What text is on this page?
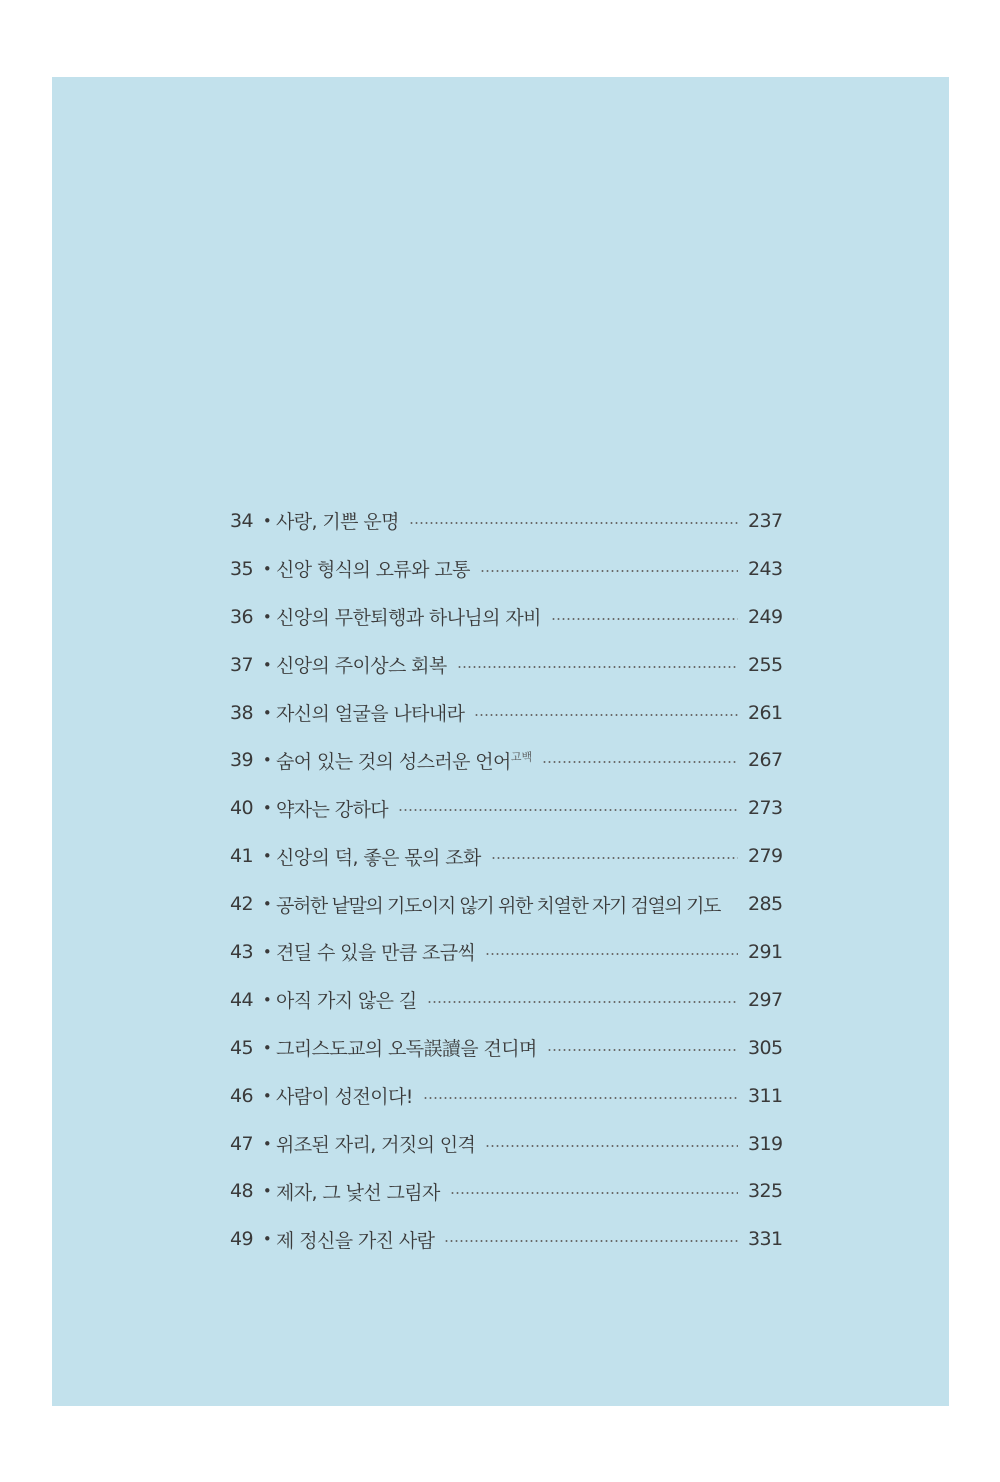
34 • 사랑, 기쁜 운명	237
35 • 신앙 형식의 오류와 고통	243
36 • 신앙의 무한퇴행과 하나님의 자비	249
37 • 신앙의 주이상스 회복	255
38 • 자신의 얼굴을 나타내라	261
39 • 숨어 있는 것의 성스러운 언어$^{고백}$	267
40 • 약자는 강하다	273
41 • 신앙의 덕, 좋은 몫의 조화	279
42 • 공허한 낱말의 기도이지 않기 위한 치열한 자기 검열의 기도 285
43 • 견딜 수 있을 만큼 조금씩	291
44 • 아직 가지 않은 길	297
45 • 그리스도교의 오독誤讀을 견디며	305
46 • 사람이 성전이다!	311
47 • 위조된 자리, 거짓의 인격	319
48 • 제자, 그 낯선 그림자	325
49 • 제 정신을 가진 사람	331
